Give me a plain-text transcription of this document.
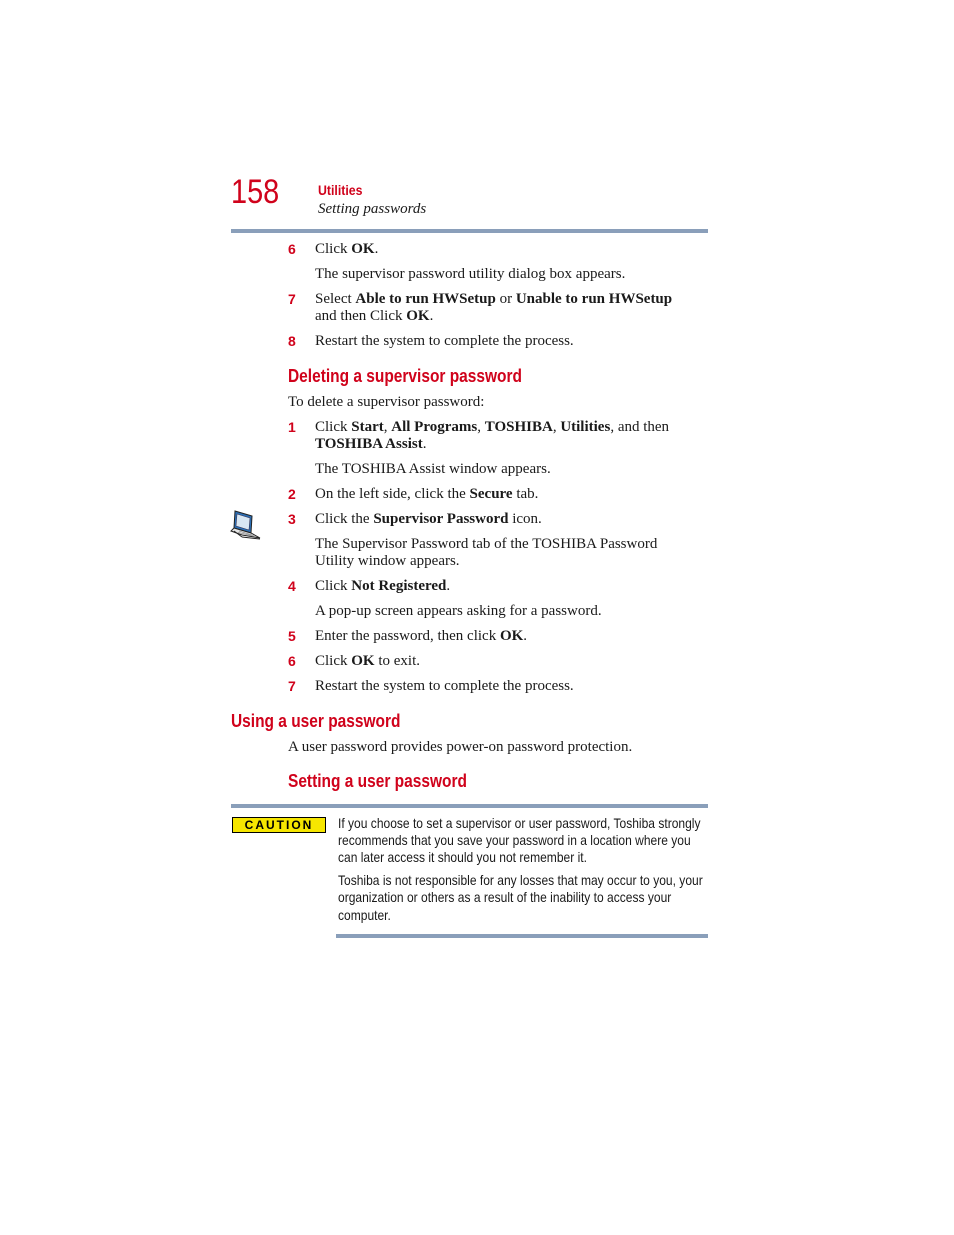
158	Utilities
Setting passwords
6	Click OK.
The supervisor password utility dialog box appears.
7	Select Able to run HWSetup or Unable to run HWSetup
and then Click OK.
8	Restart the system to complete the process.
Deleting a supervisor password
To delete a supervisor password:
1	Click Start, All Programs, TOSHIBA, Utilities, and then
TOSHIBA Assist.
The TOSHIBA Assist window appears.
2	On the left side, click the Secure tab.
3	Click the Supervisor Password icon.
The Supervisor Password tab of the TOSHIBA Password
Utility window appears.
4	Click Not Registered.
A pop-up screen appears asking for a password.
5	Enter the password, then click OK.
6	Click OK to exit.
7	Restart the system to complete the process.
Using a user password
A user password provides power-on password protection.
Setting a user password
CAUTION	If you choose to set a supervisor or user password, Toshiba strongly
recommends that you save your password in a location where you
can later access it should you not remember it.
Toshiba is not responsible for any losses that may occur to you, your
organization or others as a result of the inability to access your
computer.
